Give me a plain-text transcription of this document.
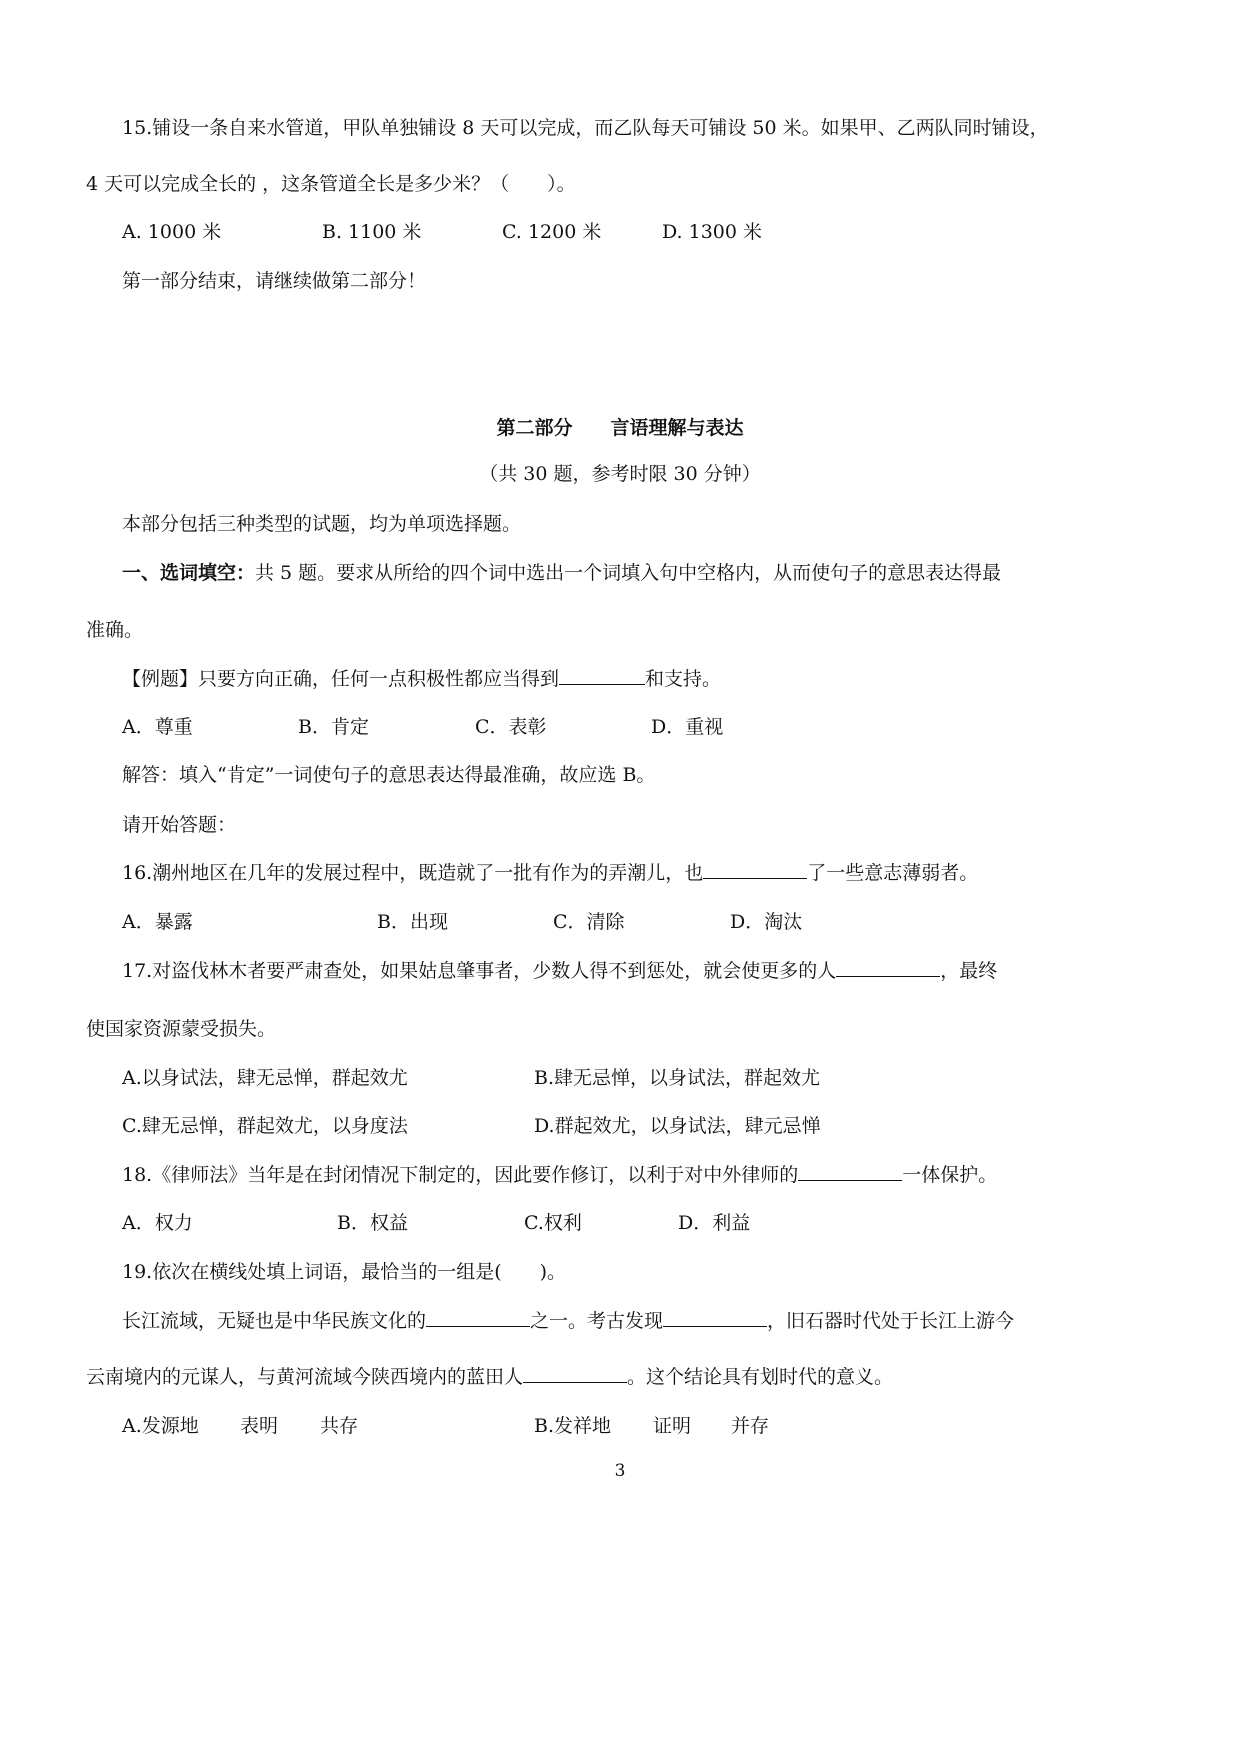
15.铺设一条自来水管道，甲队单独铺设 8 天可以完成，而乙队每天可铺设 50 米。如果甲、乙两队同时铺设，
4 天可以完成全长的 ，这条管道全长是多少米？（　　）。
A. 1000 米	B. 1100 米	C. 1200 米	D. 1300 米
第一部分结束，请继续做第二部分！
第二部分 言语理解与表达
（共 30 题，参考时限 30 分钟）
本部分包括三种类型的试题，均为单项选择题。
一、选词填空：共 5 题。要求从所给的四个词中选出一个词填入句中空格内，从而使句子的意思表达得最
准确。
【例题】只要方向正确，任何一点积极性都应当得到	和支持。
A．尊重	B．肯定	C．表彰	D．重视
解答：填入“肯定”一词使句子的意思表达得最准确，故应选 B。
请开始答题：
16.潮州地区在几年的发展过程中，既造就了一批有作为的弄潮儿，也	了一些意志薄弱者。
A．暴露	B．出现	C．清除	D．淘汰
17.对盗伐林木者要严肃查处，如果姑息肇事者，少数人得不到惩处，就会使更多的人	，最终
使国家资源蒙受损失。
A.以身试法，肆无忌惮，群起效尤	B.肆无忌惮，以身试法，群起效尤
C.肆无忌惮，群起效尤，以身度法	D.群起效尤，以身试法，肆元忌惮
18.《律师法》当年是在封闭情况下制定的，因此要作修订，以利于对中外律师的	一体保护。
A．权力	B．权益	C.权利	D．利益
19.依次在横线处填上词语，最恰当的一组是(　　)。
长江流域，无疑也是中华民族文化的	之一。考古发现	，旧石器时代处于长江上游今
云南境内的元谋人，与黄河流域今陕西境内的蓝田人	。这个结论具有划时代的意义。
A.发源地 表明 共存	B.发祥地 证明 并存
3
